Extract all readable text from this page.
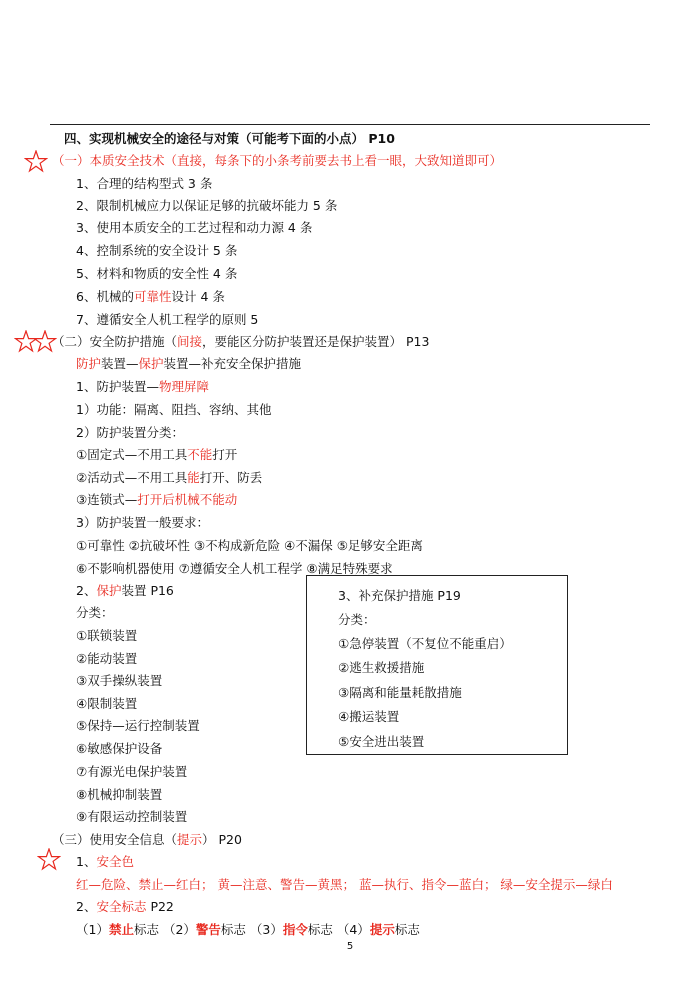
四、实现机械安全的途径与对策（可能考下面的小点） P10
（一）本质安全技术（直接，每条下的小条考前要去书上看一眼，大致知道即可）
1、合理的结构型式 3 条
2、限制机械应力以保证足够的抗破坏能力 5 条
3、使用本质安全的工艺过程和动力源 4 条
4、控制系统的安全设计 5 条
5、材料和物质的安全性 4 条
6、机械的可靠性设计 4 条
7、遵循安全人机工程学的原则 5
（二）安全防护措施（间接，要能区分防护装置还是保护装置） P13
防护装置—保护装置—补充安全保护措施
1、防护装置—物理屏障
1）功能：隔离、阻挡、容纳、其他
2）防护装置分类：
①固定式—不用工具不能打开
②活动式—不用工具能打开、防丢
③连锁式—打开后机械不能动
3）防护装置一般要求：
①可靠性 ②抗破坏性 ③不构成新危险 ④不漏保 ⑤足够安全距离
⑥不影响机器使用 ⑦遵循安全人机工程学 ⑧满足特殊要求
2、保护装置 P16
分类：
①联锁装置
②能动装置
③双手操纵装置
④限制装置
⑤保持—运行控制装置
⑥敏感保护设备
⑦有源光电保护装置
⑧机械抑制装置
⑨有限运动控制装置
3、补充保护措施 P19
分类：
①急停装置（不复位不能重启）
②逃生救援措施
③隔离和能量耗散措施
④搬运装置
⑤安全进出装置
（三）使用安全信息（提示） P20
1、安全色
红—危险、禁止—红白； 黄—注意、警告—黄黑； 蓝—执行、指令—蓝白； 绿—安全提示—绿白
2、安全标志 P22
（1）禁止标志 （2）警告标志 （3）指令标志 （4）提示标志
5
